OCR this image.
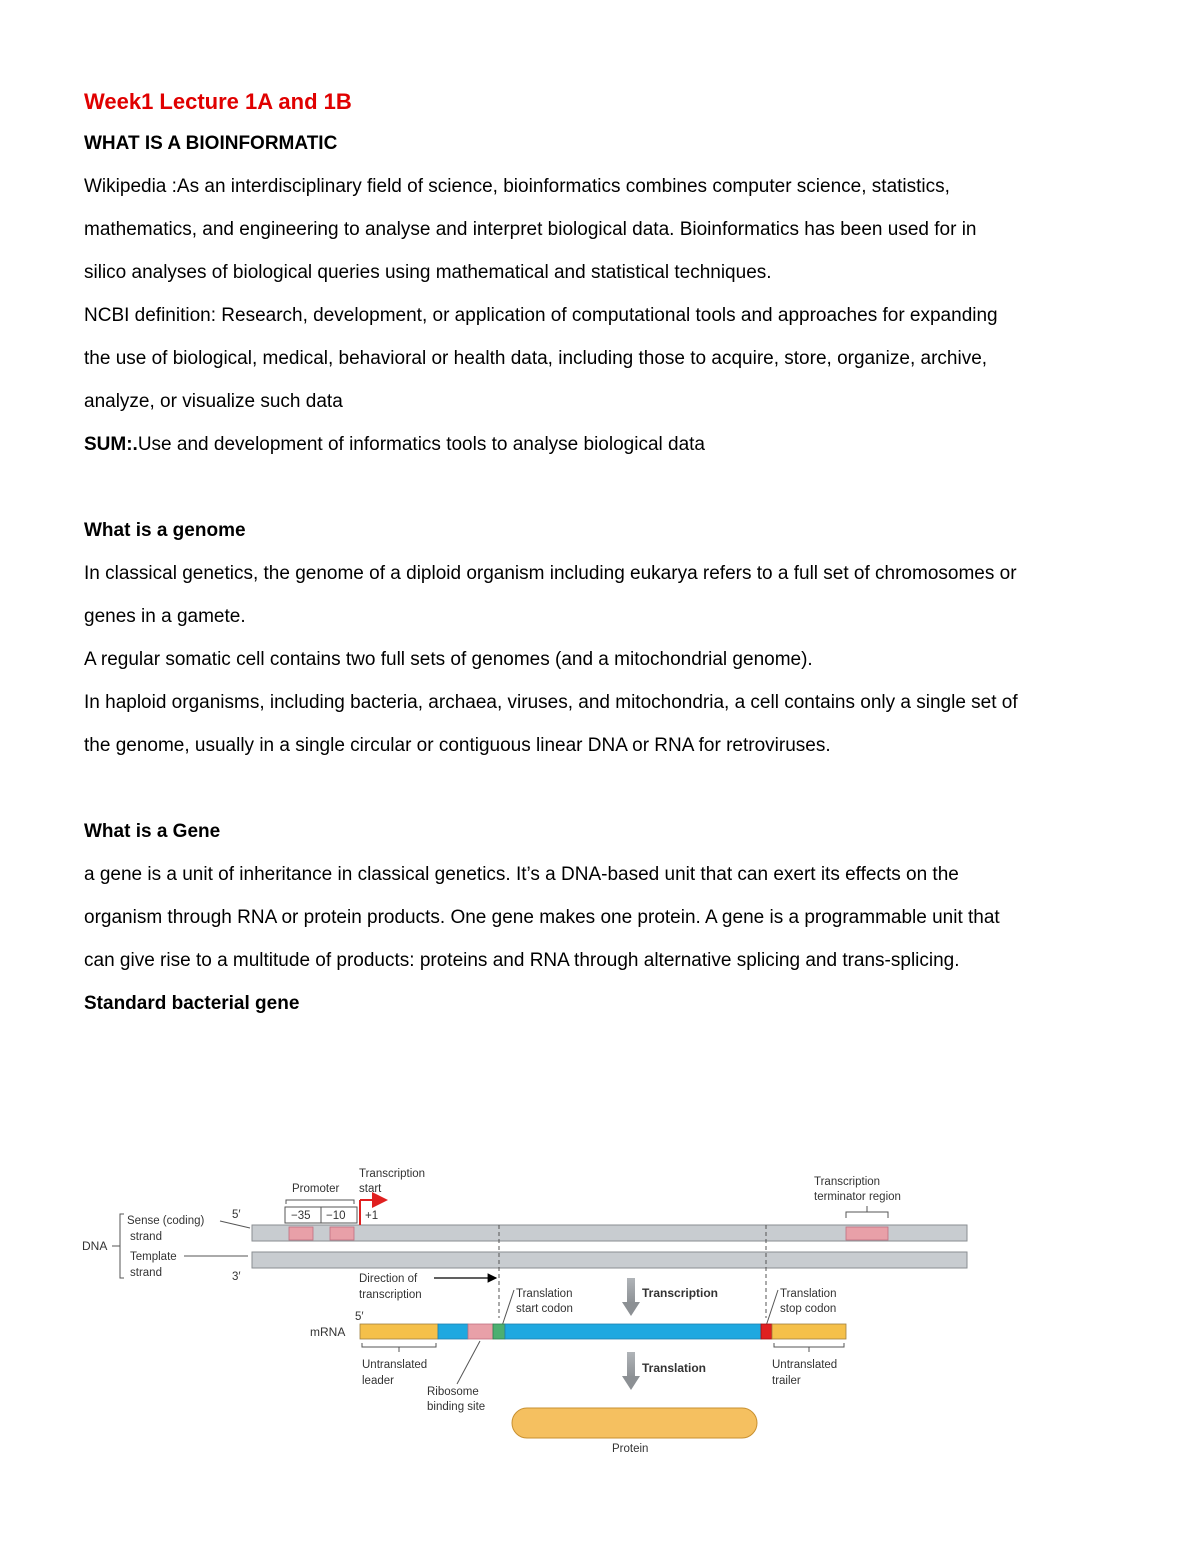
Week1 Lecture 1A and 1B

WHAT IS A BIOINFORMATIC

Wikipedia :As an interdisciplinary field of science, bioinformatics combines computer science, statistics,

mathematics, and engineering to analyse and interpret biological data. Bioinformatics has been used for in

silico analyses of biological queries using mathematical and statistical techniques.

NCBI definition: Research, development, or application of computational tools and approaches for expanding

the use of biological, medical, behavioral or health data, including those to acquire, store, organize, archive,

analyze, or visualize such data

SUM:.Use and development of informatics tools to analyse biological data

What is a genome

In classical genetics, the genome of a diploid organism including eukarya refers to a full set of chromosomes or

genes in a gamete.

A regular somatic cell contains two full sets of genomes (and a mitochondrial genome).

In haploid organisms, including bacteria, archaea, viruses, and mitochondria, a cell contains only a single set of

the genome, usually in a single circular or contiguous linear DNA or RNA for retroviruses.

What is a Gene

a gene is a unit of inheritance in classical genetics. It’s a DNA-based unit that can exert its effects on the

organism through RNA or protein products. One gene makes one protein. A gene is a programmable unit that

can give rise to a multitude of products: proteins and RNA through alternative splicing and trans-splicing.

Standard bacterial gene

DNA
Sense (coding)
strand
Template
strand
5′
3′
Promoter
−35 −10
Transcription
start
+1
Transcription
terminator region
Direction of
transcription	Translation
start codon
Translation
stop codon
Transcription
5′
mRNA
Untranslated
leader
Untranslated
trailer
Ribosome
binding site
Translation
Protein
